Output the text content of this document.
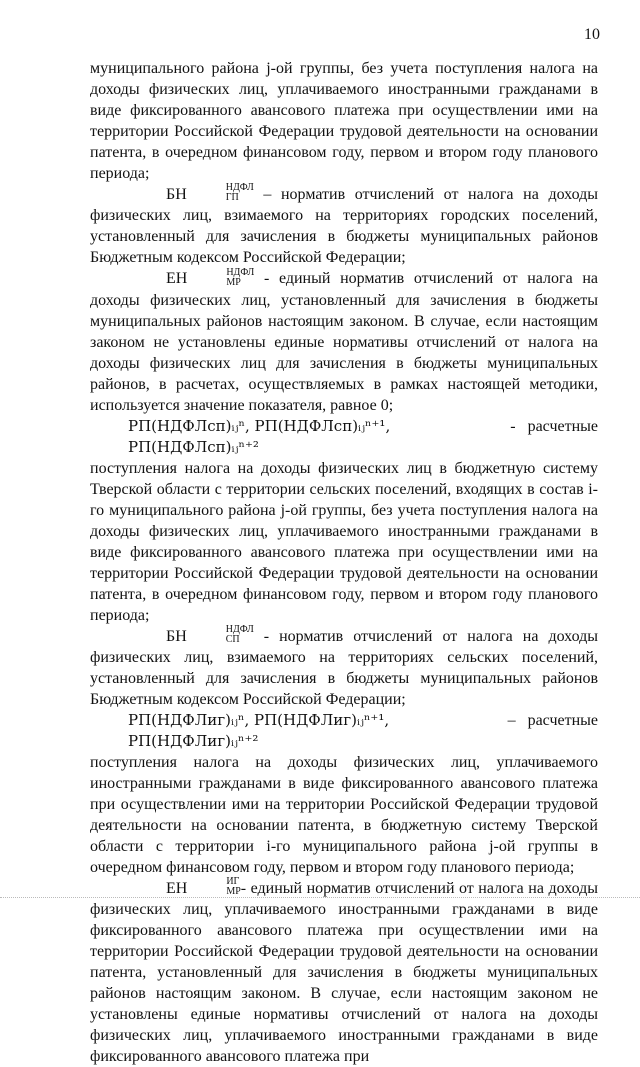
10

муниципального района j-ой группы, без учета поступления налога на доходы физических лиц, уплачиваемого иностранными гражданами в виде фиксированного авансового платежа при осуществлении ими на территории Российской Федерации трудовой деятельности на основании патента, в очередном финансовом году, первом и втором году планового периода;

БН	НДФЛ
ГП – норматив отчислений от налога на доходы физических лиц, взимаемого на территориях городских поселений, установленный для зачисления в бюджеты муниципальных районов Бюджетным кодексом Российской Федерации;

ЕН	НДФЛ
МР - единый норматив отчислений от налога на доходы физических лиц, установленный для зачисления в бюджеты муниципальных районов настоящим законом. В случае, если настоящим законом не установлены единые нормативы отчислений от налога на доходы физических лиц для зачисления в бюджеты муниципальных районов, в расчетах, осуществляемых в рамках настоящей методики, используется значение показателя, равное 0;

РП(НДФЛсп)ᵢⱼⁿ, РП(НДФЛсп)ᵢⱼⁿ⁺¹, РП(НДФЛсп)ᵢⱼⁿ⁺²
- расчетные

поступления налога на доходы физических лиц в бюджетную систему Тверской области с территории сельских поселений, входящих в состав i-го муниципального района j-ой группы, без учета поступления налога на доходы физических лиц, уплачиваемого иностранными гражданами в виде фиксированного авансового платежа при осуществлении ими на территории Российской Федерации трудовой деятельности на основании патента, в очередном финансовом году, первом и втором году планового периода;

БН	НДФЛ
СП - норматив отчислений от налога на доходы физических лиц, взимаемого на территориях сельских поселений, установленный для зачисления в бюджеты муниципальных районов Бюджетным кодексом Российской Федерации;

РП(НДФЛиг)ᵢⱼⁿ, РП(НДФЛиг)ᵢⱼⁿ⁺¹, РП(НДФЛиг)ᵢⱼⁿ⁺²
– расчетные

поступления налога на доходы физических лиц, уплачиваемого иностранными гражданами в виде фиксированного авансового платежа при осуществлении ими на территории Российской Федерации трудовой деятельности на основании патента, в бюджетную систему Тверской области с территории i-го муниципального района j-ой группы в очередном финансовом году, первом и втором году планового периода;

ЕН	ИГ
МР - единый норматив отчислений от налога на доходы физических лиц, уплачиваемого иностранными гражданами в виде фиксированного авансового платежа при осуществлении ими на территории Российской Федерации трудовой деятельности на основании патента, установленный для зачисления в бюджеты муниципальных районов настоящим законом. В случае, если настоящим законом не установлены единые нормативы отчислений от налога на доходы физических лиц, уплачиваемого иностранными гражданами в виде фиксированного авансового платежа при
